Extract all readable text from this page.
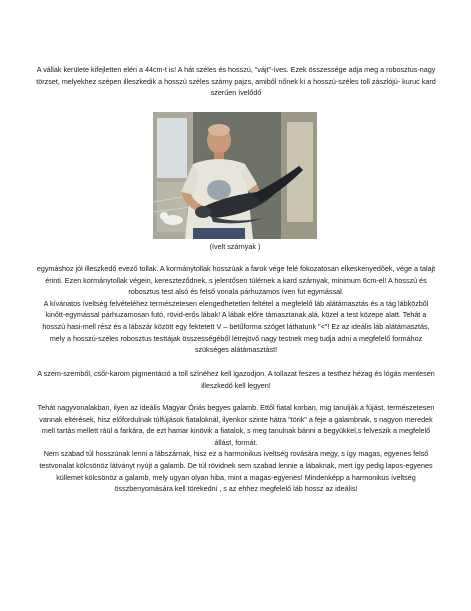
A vállak kerülete kifejletten eléri a 44cm-t is! A hát széles és hosszú, "vájt"-íves. Ezek összessége adja meg a robosztus-nagy törzset, melyekhez szépen illeszkedik a hosszú széles szárny pajzs, amiből nőnek ki a hosszú-széles toll zászlójú- kuruc kard szerűen ívelődő

(ívelt szárnyak )

egymáshoz jól illeszkedő evező tollak. A kormánytollak hosszúak a farok vége felé fokozatosan elkeskenyedőek, vége a talajt érinti. Ezen kormánytollak végein, kereszteződnek, s jelentősen túlérnek a kard szárnyak, minimum 6cm-el! A hosszú és robosztus test alsó és felső vonala párhuzamos íven fut egymással.
A kívánatos íveltség felvételéhez természetesen elengedhetetlen feltétel a megfelelő láb alátámasztás és a tág lábközből kinőtt-egymással párhuzamosan futó, rövid-erős lábak! A lábak előre támasztanak alá, közel a test közepe alatt. Tehát a hosszú hasi-mell rész és a lábszár között egy fektetett V – betűforma szöget láthatunk "<"! Ez az ideális láb alátámasztás, mely a hosszú-széles robosztus testtájak összességéből létrejövő nagy testnek meg tudja adni a megfelelő formához szükséges alátámasztást!

A szem-szemből, csőr-karom pigmentáció a toll színéhez kell igazodjon. A tollazat feszes a testhez hézag és lógás mentesen illeszkedő kell legyen!

Tehát nagyvonalakban, ilyen az ideális Magyar Óriás begyes galamb. Ettől fiatal korban, mig tanulják a fújást, természetesen vannak eltérések, hisz előfordulnak túlfújások fiataloknál, ilyenkor szinte hátra "törik" a feje a galambnak, s nagyon meredek mell tartás mellett ráül a farkára, de ezt hamar kinövik a fiatalok, s meg tanulnak bánni a begyükkel,s felveszik a megfelelő állást, formát.
Nem szabad túl hosszúnak lenni a lábszárnak, hisz ez a harmonikus íveltség rovására megy, s így magas, egyenes felső testvonalat kölcsönöz látványt nyújt a galamb. De túl rövidnek sem szabad lennie a lábaknak, mert így pedig lapos-egyenes küllemet kölcsönöz a galamb, mely ugyan olyan hiba, mint a magas-egyenes! Mindenképp a harmonikus íveltség összbenyomására kell törekedni , s az ehhez megfelelő láb hossz az ideális!
